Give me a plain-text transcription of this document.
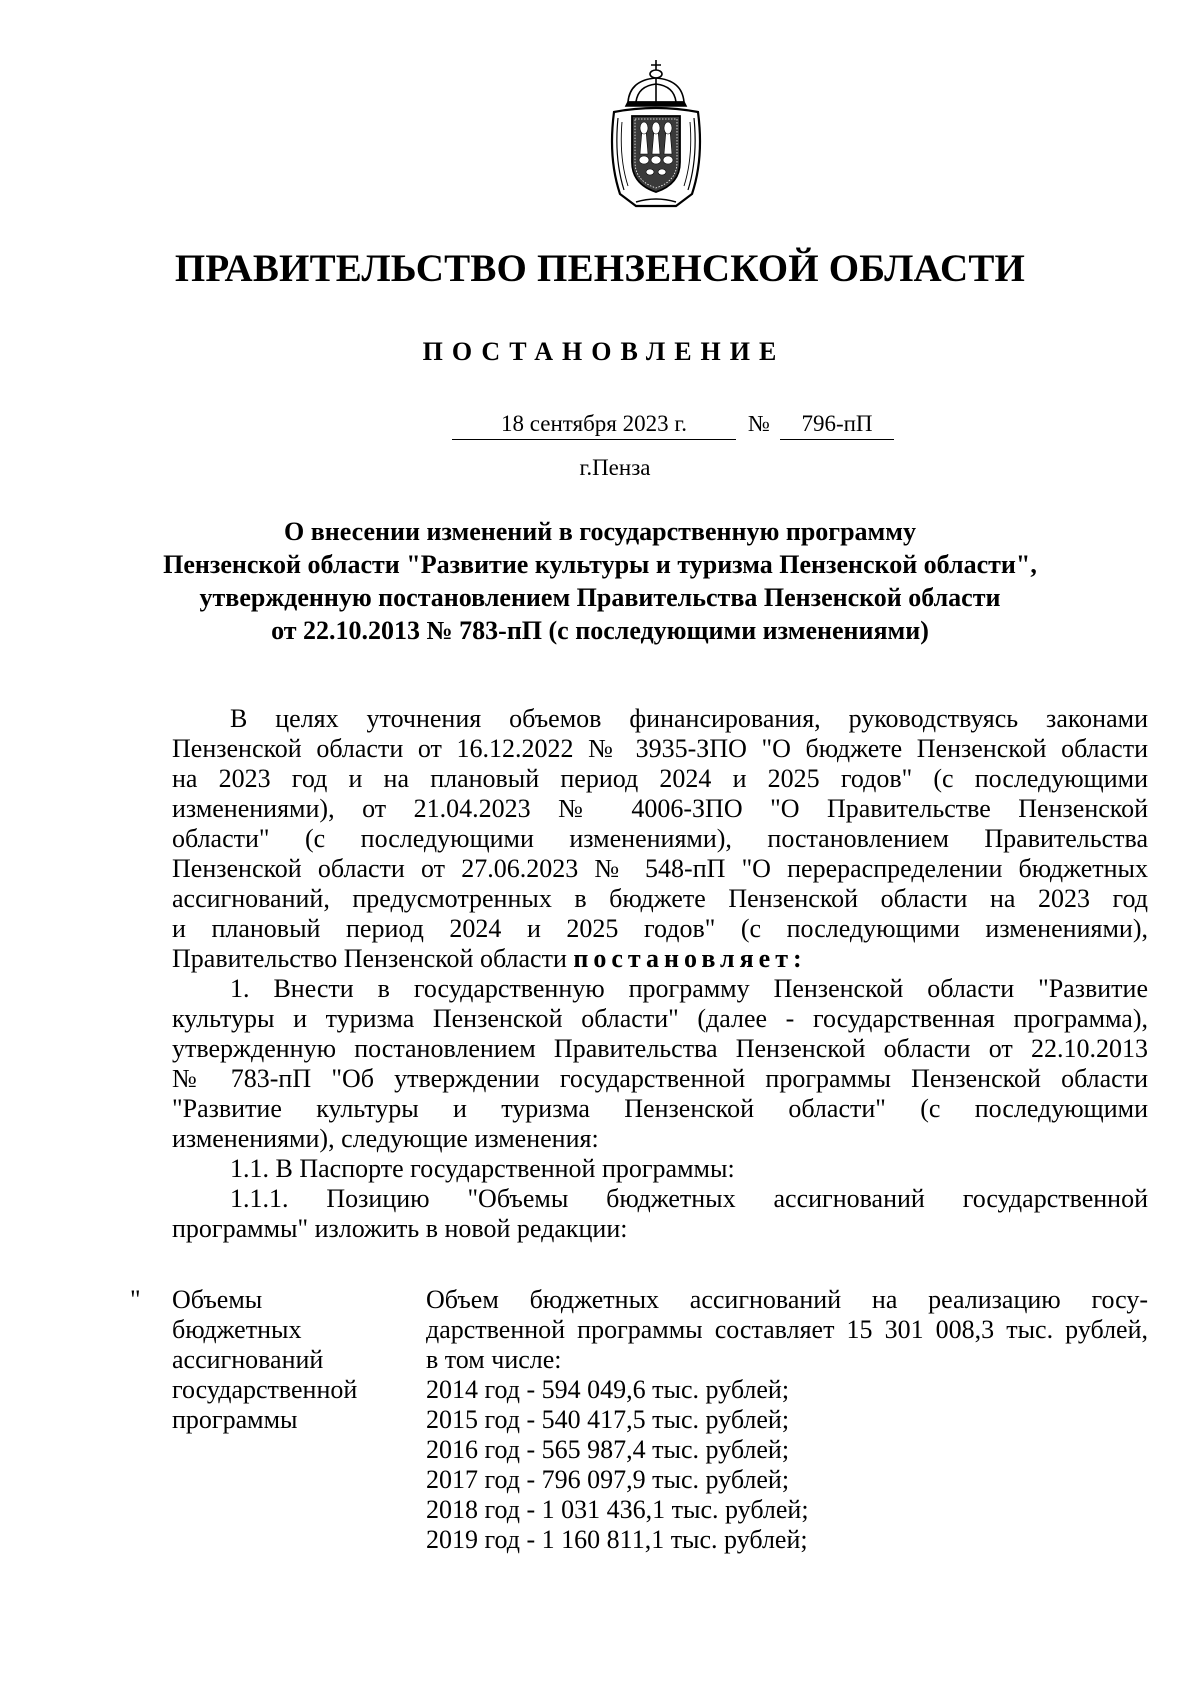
ПРАВИТЕЛЬСТВО ПЕНЗЕНСКОЙ ОБЛАСТИ
ПОСТАНОВЛЕНИЕ
18 сентября 2023 г.	№	796-пП
г.Пенза
О внесении изменений в государственную программу
Пензенской области "Развитие культуры и туризма Пензенской области",
утвержденную постановлением Правительства Пензенской области
от 22.10.2013 № 783-пП (с последующими изменениями)
В целях уточнения объемов финансирования, руководствуясь законами
Пензенской области от 16.12.2022 № 3935-ЗПО "О бюджете Пензенской области
на 2023 год и на плановый период 2024 и 2025 годов" (с последующими
изменениями), от 21.04.2023 № 4006-ЗПО "О Правительстве Пензенской
области" (с последующими изменениями), постановлением Правительства
Пензенской области от 27.06.2023 № 548-пП "О перераспределении бюджетных
ассигнований, предусмотренных в бюджете Пензенской области на 2023 год
и плановый период 2024 и 2025 годов" (с последующими изменениями),
Правительство Пензенской области постановляет:
1. Внести в государственную программу Пензенской области "Развитие
культуры и туризма Пензенской области" (далее - государственная программа),
утвержденную постановлением Правительства Пензенской области от 22.10.2013
№ 783-пП "Об утверждении государственной программы Пензенской области
"Развитие культуры и туризма Пензенской области" (с последующими
изменениями), следующие изменения:
1.1. В Паспорте государственной программы:
1.1.1. Позицию "Объемы бюджетных ассигнований государственной
программы" изложить в новой редакции:
" Объемы
бюджетных
ассигнований
государственной
программы
Объем бюджетных ассигнований на реализацию госу-
дарственной программы составляет 15 301 008,3 тыс. рублей,
в том числе:
2014 год - 594 049,6 тыс. рублей;
2015 год - 540 417,5 тыс. рублей;
2016 год - 565 987,4 тыс. рублей;
2017 год - 796 097,9 тыс. рублей;
2018 год - 1 031 436,1 тыс. рублей;
2019 год - 1 160 811,1 тыс. рублей;
